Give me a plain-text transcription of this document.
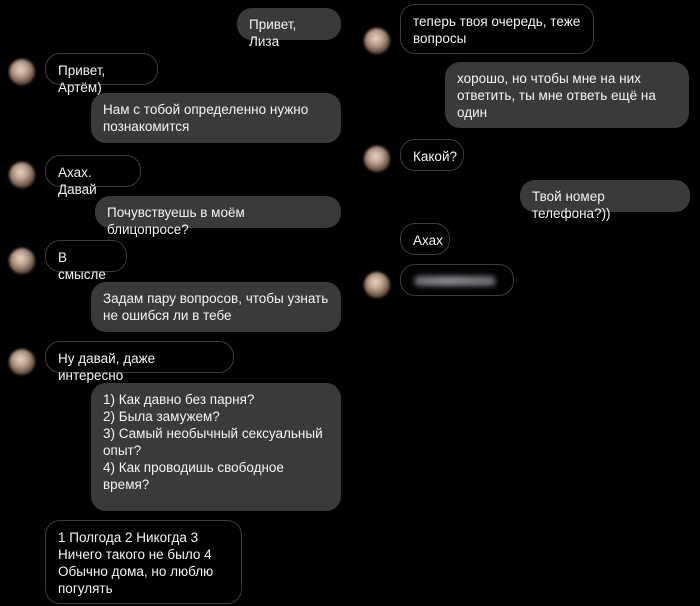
Привет, Лиза
Привет, Артём)
Нам с тобой определенно нужно
познакомится
Ахах. Давай
Почувствуешь в моём блицопросе?
В смысле
Задам пару вопросов, чтобы узнать
не ошибся ли в тебе
Ну давай, даже интересно
1) Как давно без парня?
2) Была замужем?
3) Самый необычный сексуальный
опыт?
4) Как проводишь свободное
время?
1 Полгода 2 Никогда 3
Ничего такого не было 4
Обычно дома, но люблю
погулять
теперь твоя очередь, теже
вопросы
хорошо, но чтобы мне на них
ответить, ты мне ответь ещё на
один
Какой?
Твой номер телефона?))
Ахах
